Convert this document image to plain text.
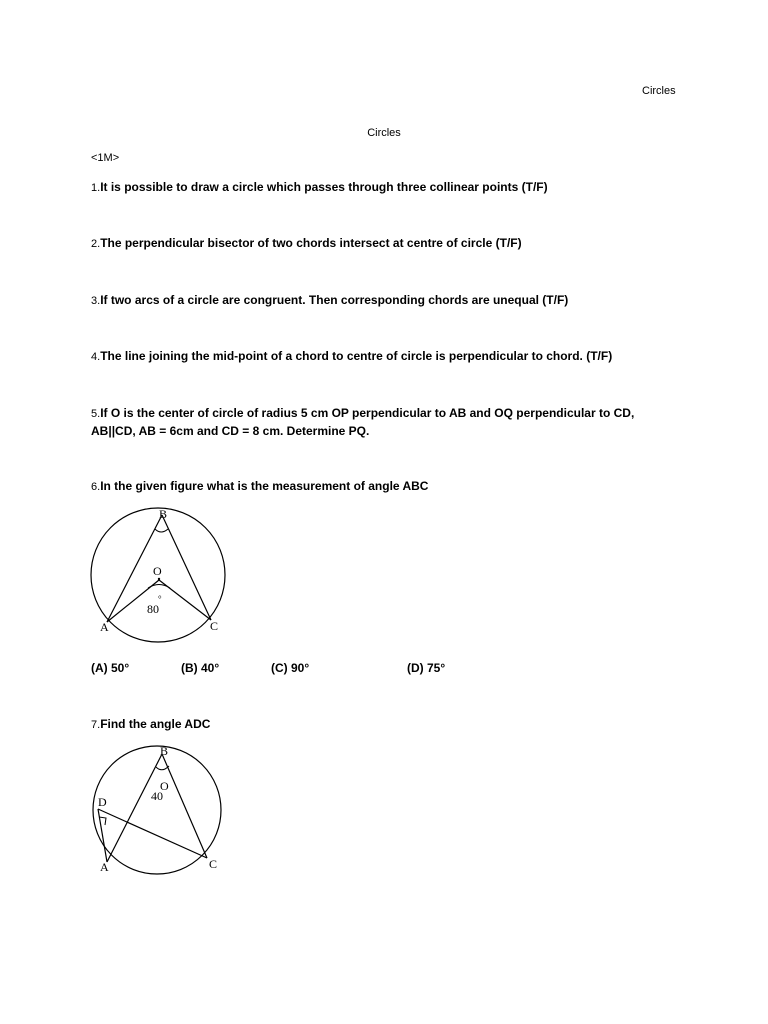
Circles
Circles
<1M>
1.It is possible to draw a circle which passes through three collinear points (T/F)
2.The perpendicular bisector of two chords intersect at centre of circle (T/F)
3.If two arcs of a circle are congruent. Then corresponding chords are unequal (T/F)
4.The line joining the mid-point of a chord to centre of circle is perpendicular to chord. (T/F)
5.If O is the center of circle of radius 5 cm OP perpendicular to AB and OQ perpendicular to CD, AB||CD, AB = 6cm and CD = 8 cm. Determine PQ.
6.In the given figure what is the measurement of angle ABC
B
O
80
°
A	C
(A) 50°	(B) 40°	(C) 90°	(D) 75°
7.Find the angle ADC
B
O
40
D
A	C
